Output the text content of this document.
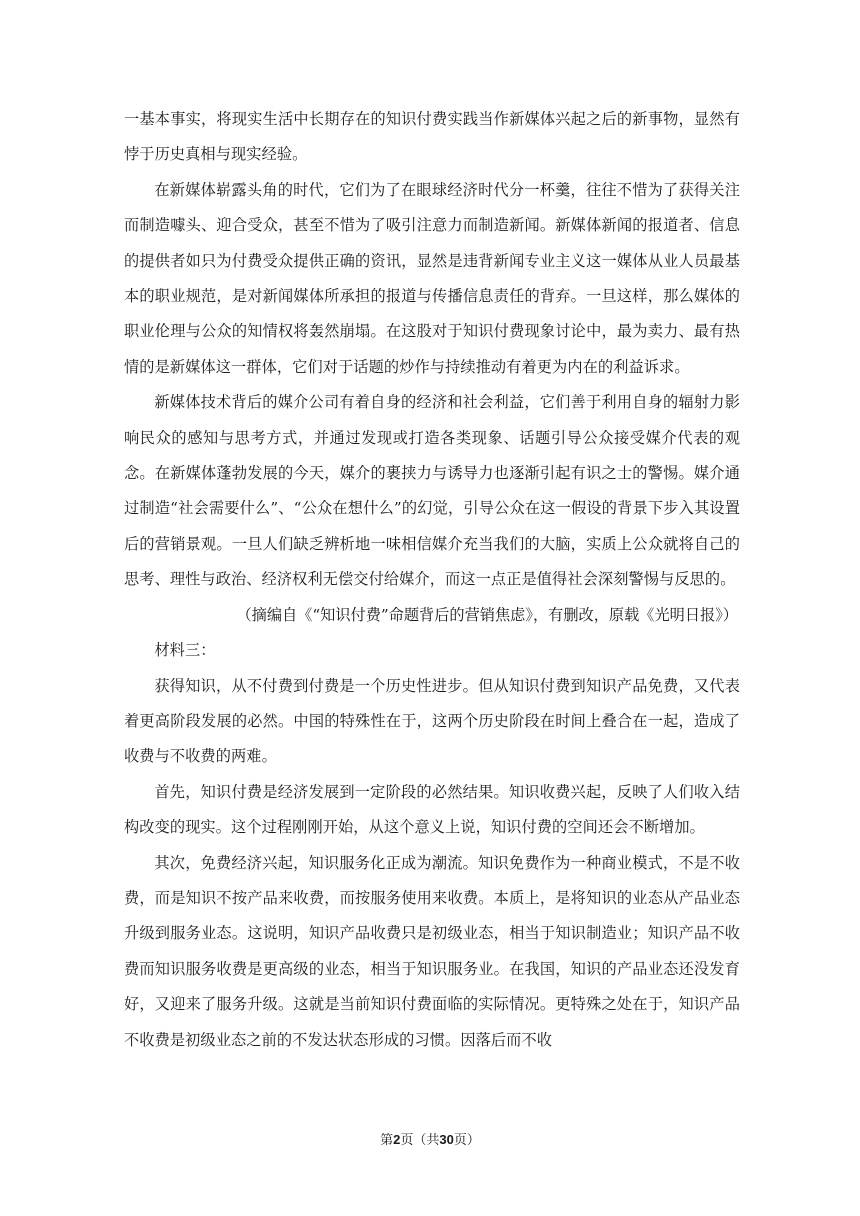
一基本事实，将现实生活中长期存在的知识付费实践当作新媒体兴起之后的新事物，显然有悖于历史真相与现实经验。

在新媒体崭露头角的时代，它们为了在眼球经济时代分一杯羹，往往不惜为了获得关注而制造噱头、迎合受众，甚至不惜为了吸引注意力而制造新闻。新媒体新闻的报道者、信息的提供者如只为付费受众提供正确的资讯，显然是违背新闻专业主义这一媒体从业人员最基本的职业规范，是对新闻媒体所承担的报道与传播信息责任的背弃。一旦这样，那么媒体的职业伦理与公众的知情权将轰然崩塌。在这股对于知识付费现象讨论中，最为卖力、最有热情的是新媒体这一群体，它们对于话题的炒作与持续推动有着更为内在的利益诉求。

新媒体技术背后的媒介公司有着自身的经济和社会利益，它们善于利用自身的辐射力影响民众的感知与思考方式，并通过发现或打造各类现象、话题引导公众接受媒介代表的观念。在新媒体蓬勃发展的今天，媒介的裹挟力与诱导力也逐渐引起有识之士的警惕。媒介通过制造“社会需要什么”、“公众在想什么”的幻觉，引导公众在这一假设的背景下步入其设置后的营销景观。一旦人们缺乏辨析地一味相信媒介充当我们的大脑，实质上公众就将自己的思考、理性与政治、经济权利无偿交付给媒介，而这一点正是值得社会深刻警惕与反思的。

（摘编自《“知识付费”命题背后的营销焦虑》，有删改，原载《光明日报》）

材料三：

获得知识，从不付费到付费是一个历史性进步。但从知识付费到知识产品免费，又代表着更高阶段发展的必然。中国的特殊性在于，这两个历史阶段在时间上叠合在一起，造成了收费与不收费的两难。

首先，知识付费是经济发展到一定阶段的必然结果。知识收费兴起，反映了人们收入结构改变的现实。这个过程刚刚开始，从这个意义上说，知识付费的空间还会不断增加。

其次，免费经济兴起，知识服务化正成为潮流。知识免费作为一种商业模式，不是不收费，而是知识不按产品来收费，而按服务使用来收费。本质上，是将知识的业态从产品业态升级到服务业态。这说明，知识产品收费只是初级业态，相当于知识制造业；知识产品不收费而知识服务收费是更高级的业态，相当于知识服务业。在我国，知识的产品业态还没发育好，又迎来了服务升级。这就是当前知识付费面临的实际情况。更特殊之处在于，知识产品不收费是初级业态之前的不发达状态形成的习惯。因落后而不收

第2页（共30页）
